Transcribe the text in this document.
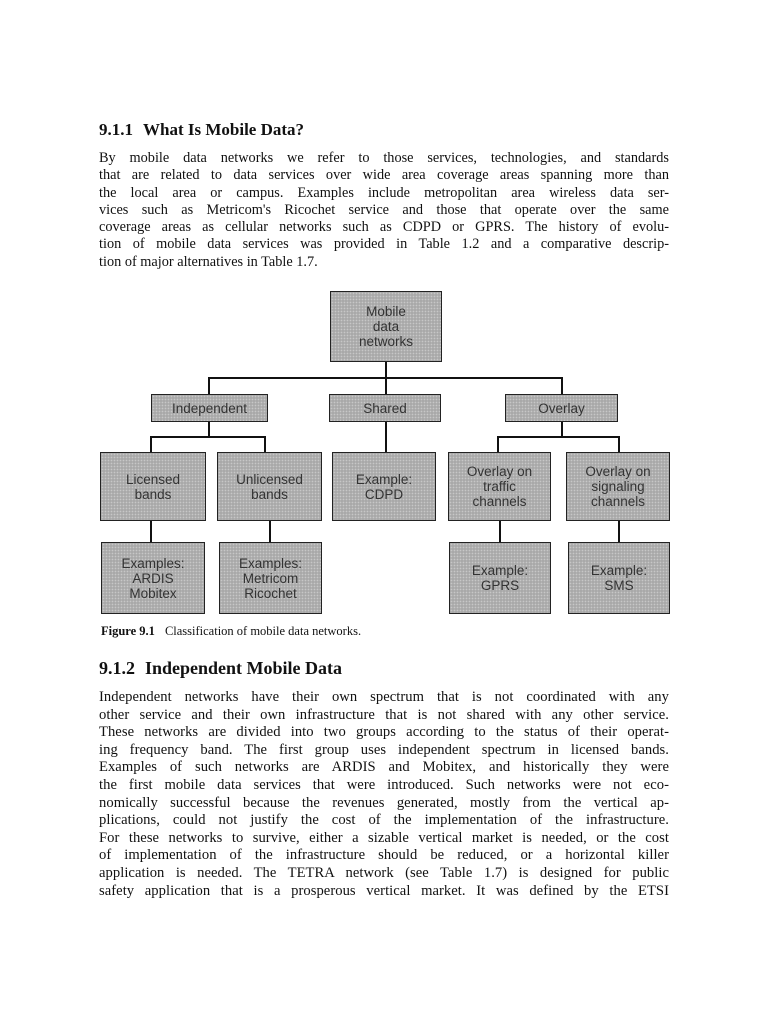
9.1.1 What Is Mobile Data?

By mobile data networks we refer to those services, technologies, and standards
that are related to data services over wide area coverage areas spanning more than
the local area or campus. Examples include metropolitan area wireless data ser-
vices such as Metricom's Ricochet service and those that operate over the same
coverage areas as cellular networks such as CDPD or GPRS. The history of evolu-
tion of mobile data services was provided in Table 1.2 and a comparative descrip-
tion of major alternatives in Table 1.7.

Mobile
data
networks
Independent	Shared	Overlay
Licensed
bands
Unlicensed
bands
Example:
CDPD
Overlay on
traffic
channels
Overlay on
signaling
channels
Examples:
ARDIS
Mobitex
Examples:
Metricom
Ricochet
Example:
GPRS
Example:
SMS

Figure 9.1 Classification of mobile data networks.

9.1.2 Independent Mobile Data

Independent networks have their own spectrum that is not coordinated with any
other service and their own infrastructure that is not shared with any other service.
These networks are divided into two groups according to the status of their operat-
ing frequency band. The first group uses independent spectrum in licensed bands.
Examples of such networks are ARDIS and Mobitex, and historically they were
the first mobile data services that were introduced. Such networks were not eco-
nomically successful because the revenues generated, mostly from the vertical ap-
plications, could not justify the cost of the implementation of the infrastructure.
For these networks to survive, either a sizable vertical market is needed, or the cost
of implementation of the infrastructure should be reduced, or a horizontal killer
application is needed. The TETRA network (see Table 1.7) is designed for public
safety application that is a prosperous vertical market. It was defined by the ETSI
